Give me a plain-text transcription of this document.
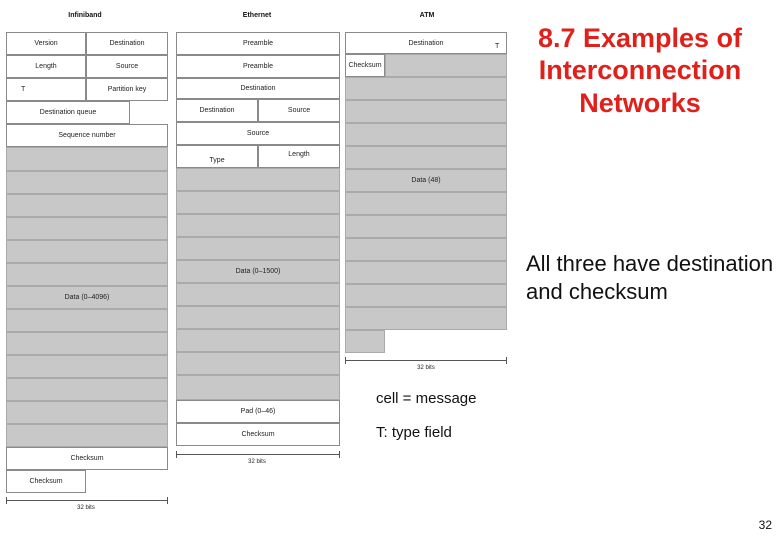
Infiniband	Ethernet	ATM
Version	Destination
Length	Source
T	Partition key
Destination queue
Sequence number
Data (0–4096)
Checksum
Checksum
32 bits
Preamble
Preamble
Destination
Destination	Source
Source
Type
Length
Data (0–1500)
Pad (0–46)
Checksum
32 bits
Destination	T
Checksum
Data (48)
32 bits
8.7 Examples of Interconnection Networks
All three have destination and checksum
cell = message
T: type field
32
